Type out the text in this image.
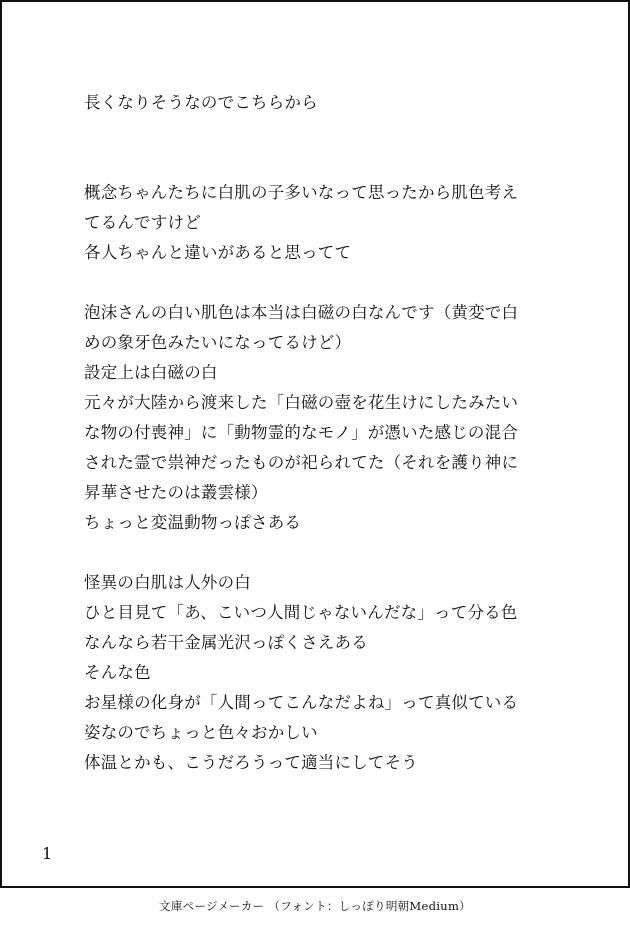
長くなりそうなのでこちらから
概念ちゃんたちに白肌の子多いなって思ったから肌色考え
てるんですけど
各人ちゃんと違いがあると思ってて
泡沫さんの白い肌色は本当は白磁の白なんです（黄変で白
めの象牙色みたいになってるけど）
設定上は白磁の白
元々が大陸から渡来した「白磁の壺を花生けにしたみたい
な物の付喪神」に「動物霊的なモノ」が憑いた感じの混合
された霊で祟神だったものが祀られてた（それを護り神に
昇華させたのは叢雲様）
ちょっと変温動物っぽさある
怪異の白肌は人外の白
ひと目見て「あ、こいつ人間じゃないんだな」って分る色
なんなら若干金属光沢っぽくさえある
そんな色
お星様の化身が「人間ってこんなだよね」って真似ている
姿なのでちょっと色々おかしい
体温とかも、こうだろうって適当にしてそう
1
文庫ページメーカー （フォント：しっぽり明朝Medium）
